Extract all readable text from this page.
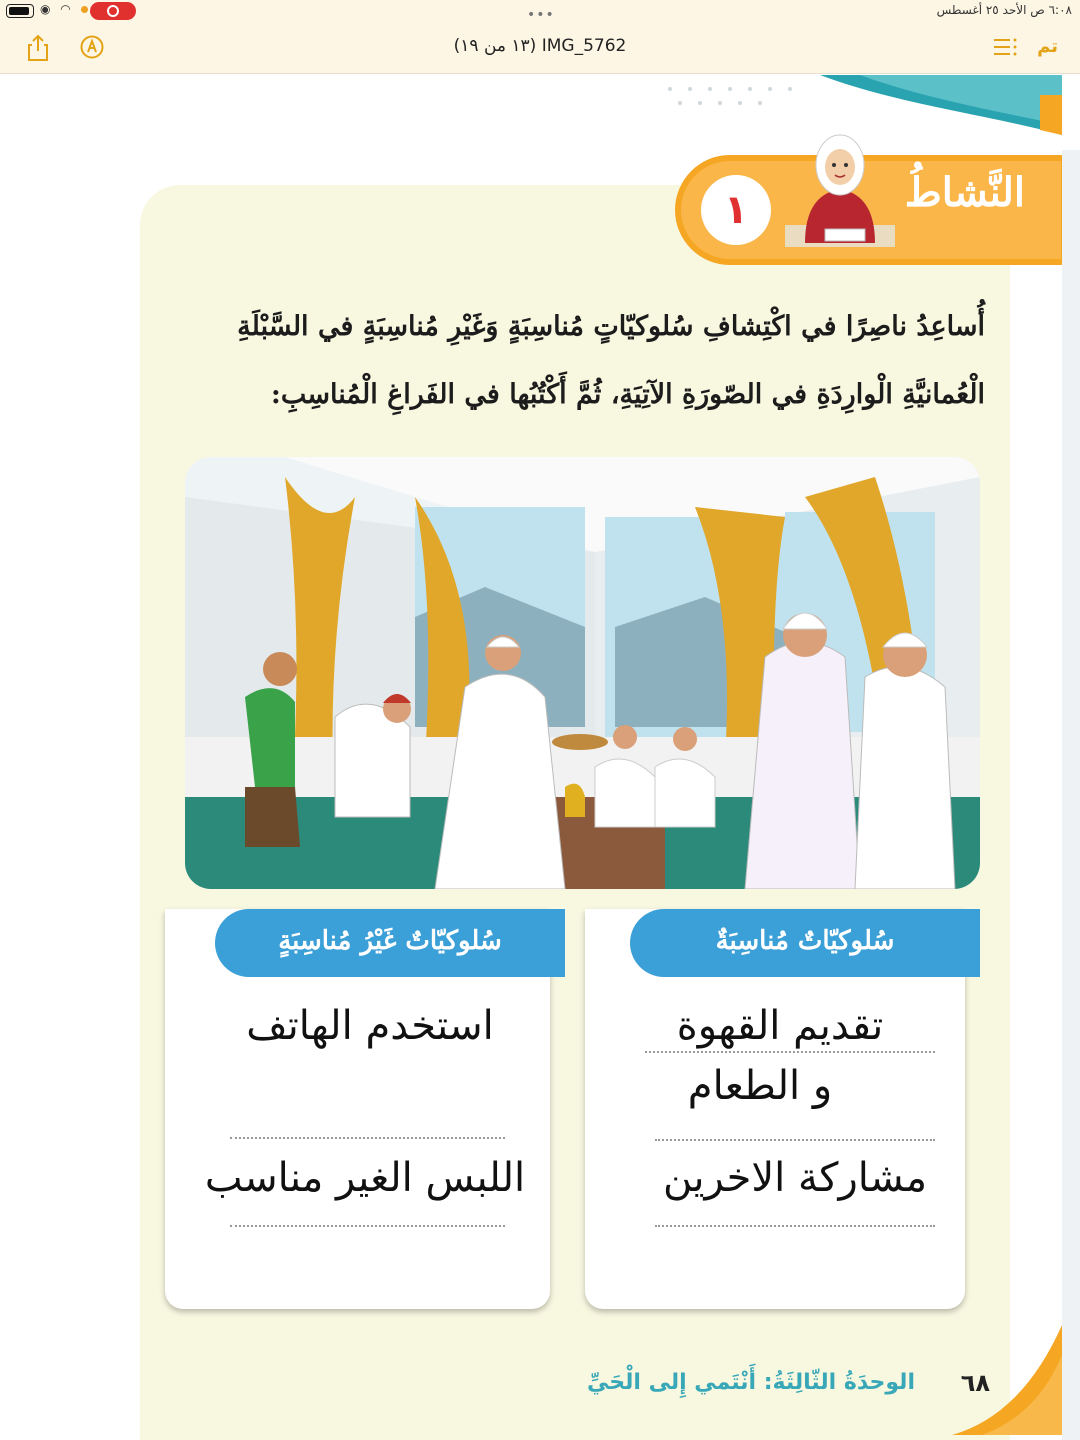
◉ ◠	٦:٠٨ ص الأحد ٢٥ أغسطس
•••
IMG_5762 (١٣ من ١٩)	تم
النَّشاطُ
١
أُساعِدُ ناصِرًا في اكْتِشافِ سُلوكيّاتٍ مُناسِبَةٍ وَغَيْرِ مُناسِبَةٍ في السَّبْلَةِ الْعُمانيَّةِ الْوارِدَةِ في الصّورَةِ الآتِيَةِ، ثُمَّ أَكْتُبُها في الفَراغِ الْمُناسِبِ:
سُلوكيّاتٌ مُناسِبَةٌ
تقديم القهوة
و الطعام
مشاركة الاخرين
سُلوكيّاتٌ غَيْرُ مُناسِبَةٍ
استخدم الهاتف
اللبس الغير مناسب
٦٨
الوحدَةُ الثّالِثَةُ: أَنْتَمي إِلى الْحَيِّ
